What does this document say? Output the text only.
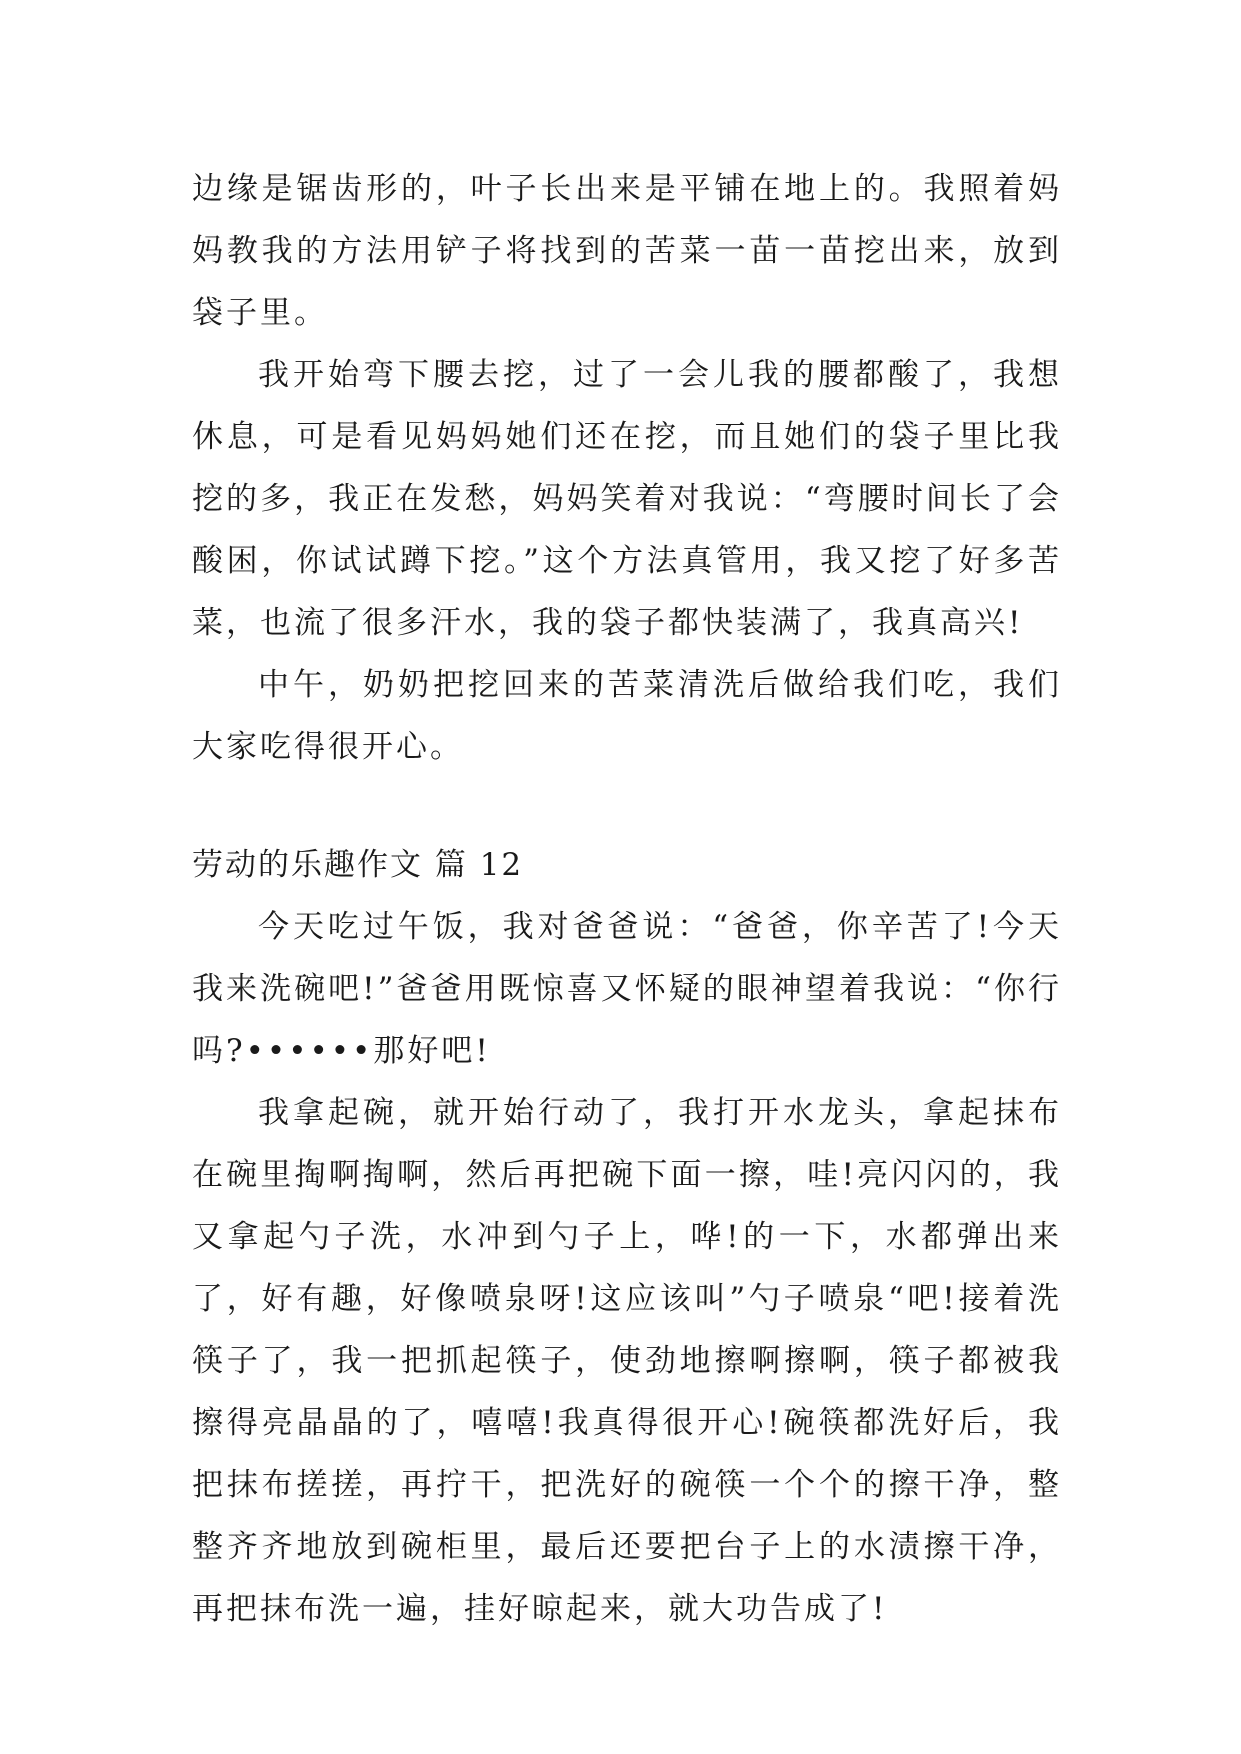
边缘是锯齿形的，叶子长出来是平铺在地上的。我照着妈妈教我的方法用铲子将找到的苦菜一苗一苗挖出来，放到袋子里。

我开始弯下腰去挖，过了一会儿我的腰都酸了，我想休息，可是看见妈妈她们还在挖，而且她们的袋子里比我挖的多，我正在发愁，妈妈笑着对我说：“弯腰时间长了会酸困，你试试蹲下挖。”这个方法真管用，我又挖了好多苦菜，也流了很多汗水，我的袋子都快装满了，我真高兴!

中午，奶奶把挖回来的苦菜清洗后做给我们吃，我们大家吃得很开心。

劳动的乐趣作文 篇 12

今天吃过午饭，我对爸爸说：“爸爸，你辛苦了!今天我来洗碗吧!”爸爸用既惊喜又怀疑的眼神望着我说：“你行吗?••••••那好吧!

我拿起碗，就开始行动了，我打开水龙头，拿起抹布在碗里掏啊掏啊，然后再把碗下面一擦，哇!亮闪闪的，我又拿起勺子洗，水冲到勺子上，哗!的一下，水都弹出来了，好有趣，好像喷泉呀!这应该叫”勺子喷泉“吧!接着洗筷子了，我一把抓起筷子，使劲地擦啊擦啊，筷子都被我擦得亮晶晶的了，嘻嘻!我真得很开心!碗筷都洗好后，我把抹布搓搓，再拧干，把洗好的碗筷一个个的擦干净，整整齐齐地放到碗柜里，最后还要把台子上的水渍擦干净，再把抹布洗一遍，挂好晾起来，就大功告成了!
